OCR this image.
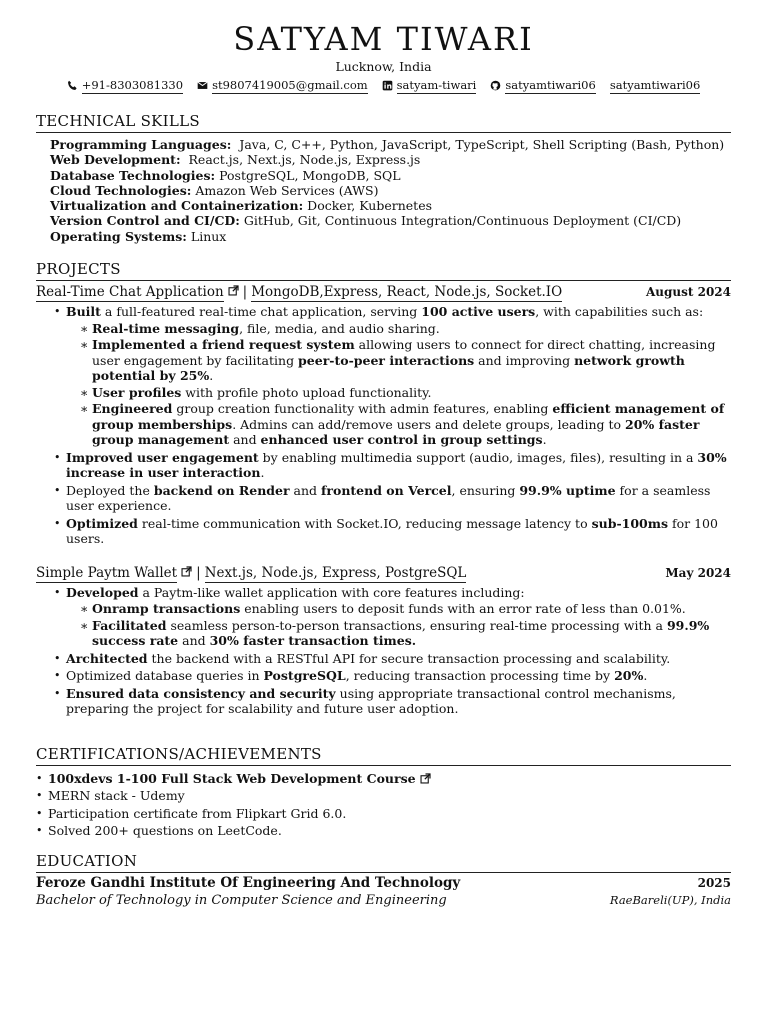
SATYAM TIWARI
Lucknow, India
+91-8303081330	st9807419005@gmail.com	satyam-tiwari	satyamtiwari06 satyamtiwari06
TECHNICAL SKILLS
Programming Languages: Java, C, C++, Python, JavaScript, TypeScript, Shell Scripting (Bash, Python)
Web Development: React.js, Next.js, Node.js, Express.js
Database Technologies: PostgreSQL, MongoDB, SQL
Cloud Technologies: Amazon Web Services (AWS)
Virtualization and Containerization: Docker, Kubernetes
Version Control and CI/CD: GitHub, Git, Continuous Integration/Continuous Deployment (CI/CD)
Operating Systems: Linux
PROJECTS
Real-Time Chat Application | MongoDB,Express, React, Node.js, Socket.IO	August 2024
• Built a full-featured real-time chat application, serving 100 active users, with capabilities such as:
∗ Real-time messaging, file, media, and audio sharing.
∗ Implemented a friend request system allowing users to connect for direct chatting, increasing user engagement by facilitating peer-to-peer interactions and improving network growth potential by 25%.
∗ User profiles with profile photo upload functionality.
∗ Engineered group creation functionality with admin features, enabling efficient management of group memberships. Admins can add/remove users and delete groups, leading to 20% faster group management and enhanced user control in group settings.
• Improved user engagement by enabling multimedia support (audio, images, files), resulting in a 30% increase in user interaction.
• Deployed the backend on Render and frontend on Vercel, ensuring 99.9% uptime for a seamless user experience.
• Optimized real-time communication with Socket.IO, reducing message latency to sub-100ms for 100 users.
Simple Paytm Wallet | Next.js, Node.js, Express, PostgreSQL	May 2024
• Developed a Paytm-like wallet application with core features including:
∗ Onramp transactions enabling users to deposit funds with an error rate of less than 0.01%.
∗ Facilitated seamless person-to-person transactions, ensuring real-time processing with a 99.9% success rate and 30% faster transaction times.
• Architected the backend with a RESTful API for secure transaction processing and scalability.
• Optimized database queries in PostgreSQL, reducing transaction processing time by 20%.
• Ensured data consistency and security using appropriate transactional control mechanisms, preparing the project for scalability and future user adoption.
CERTIFICATIONS/ACHIEVEMENTS
• 100xdevs 1-100 Full Stack Web Development Course
• MERN stack - Udemy
• Participation certificate from Flipkart Grid 6.0.
• Solved 200+ questions on LeetCode.
EDUCATION
Feroze Gandhi Institute Of Engineering And Technology	2025
Bachelor of Technology in Computer Science and Engineering	RaeBareli(UP), India
